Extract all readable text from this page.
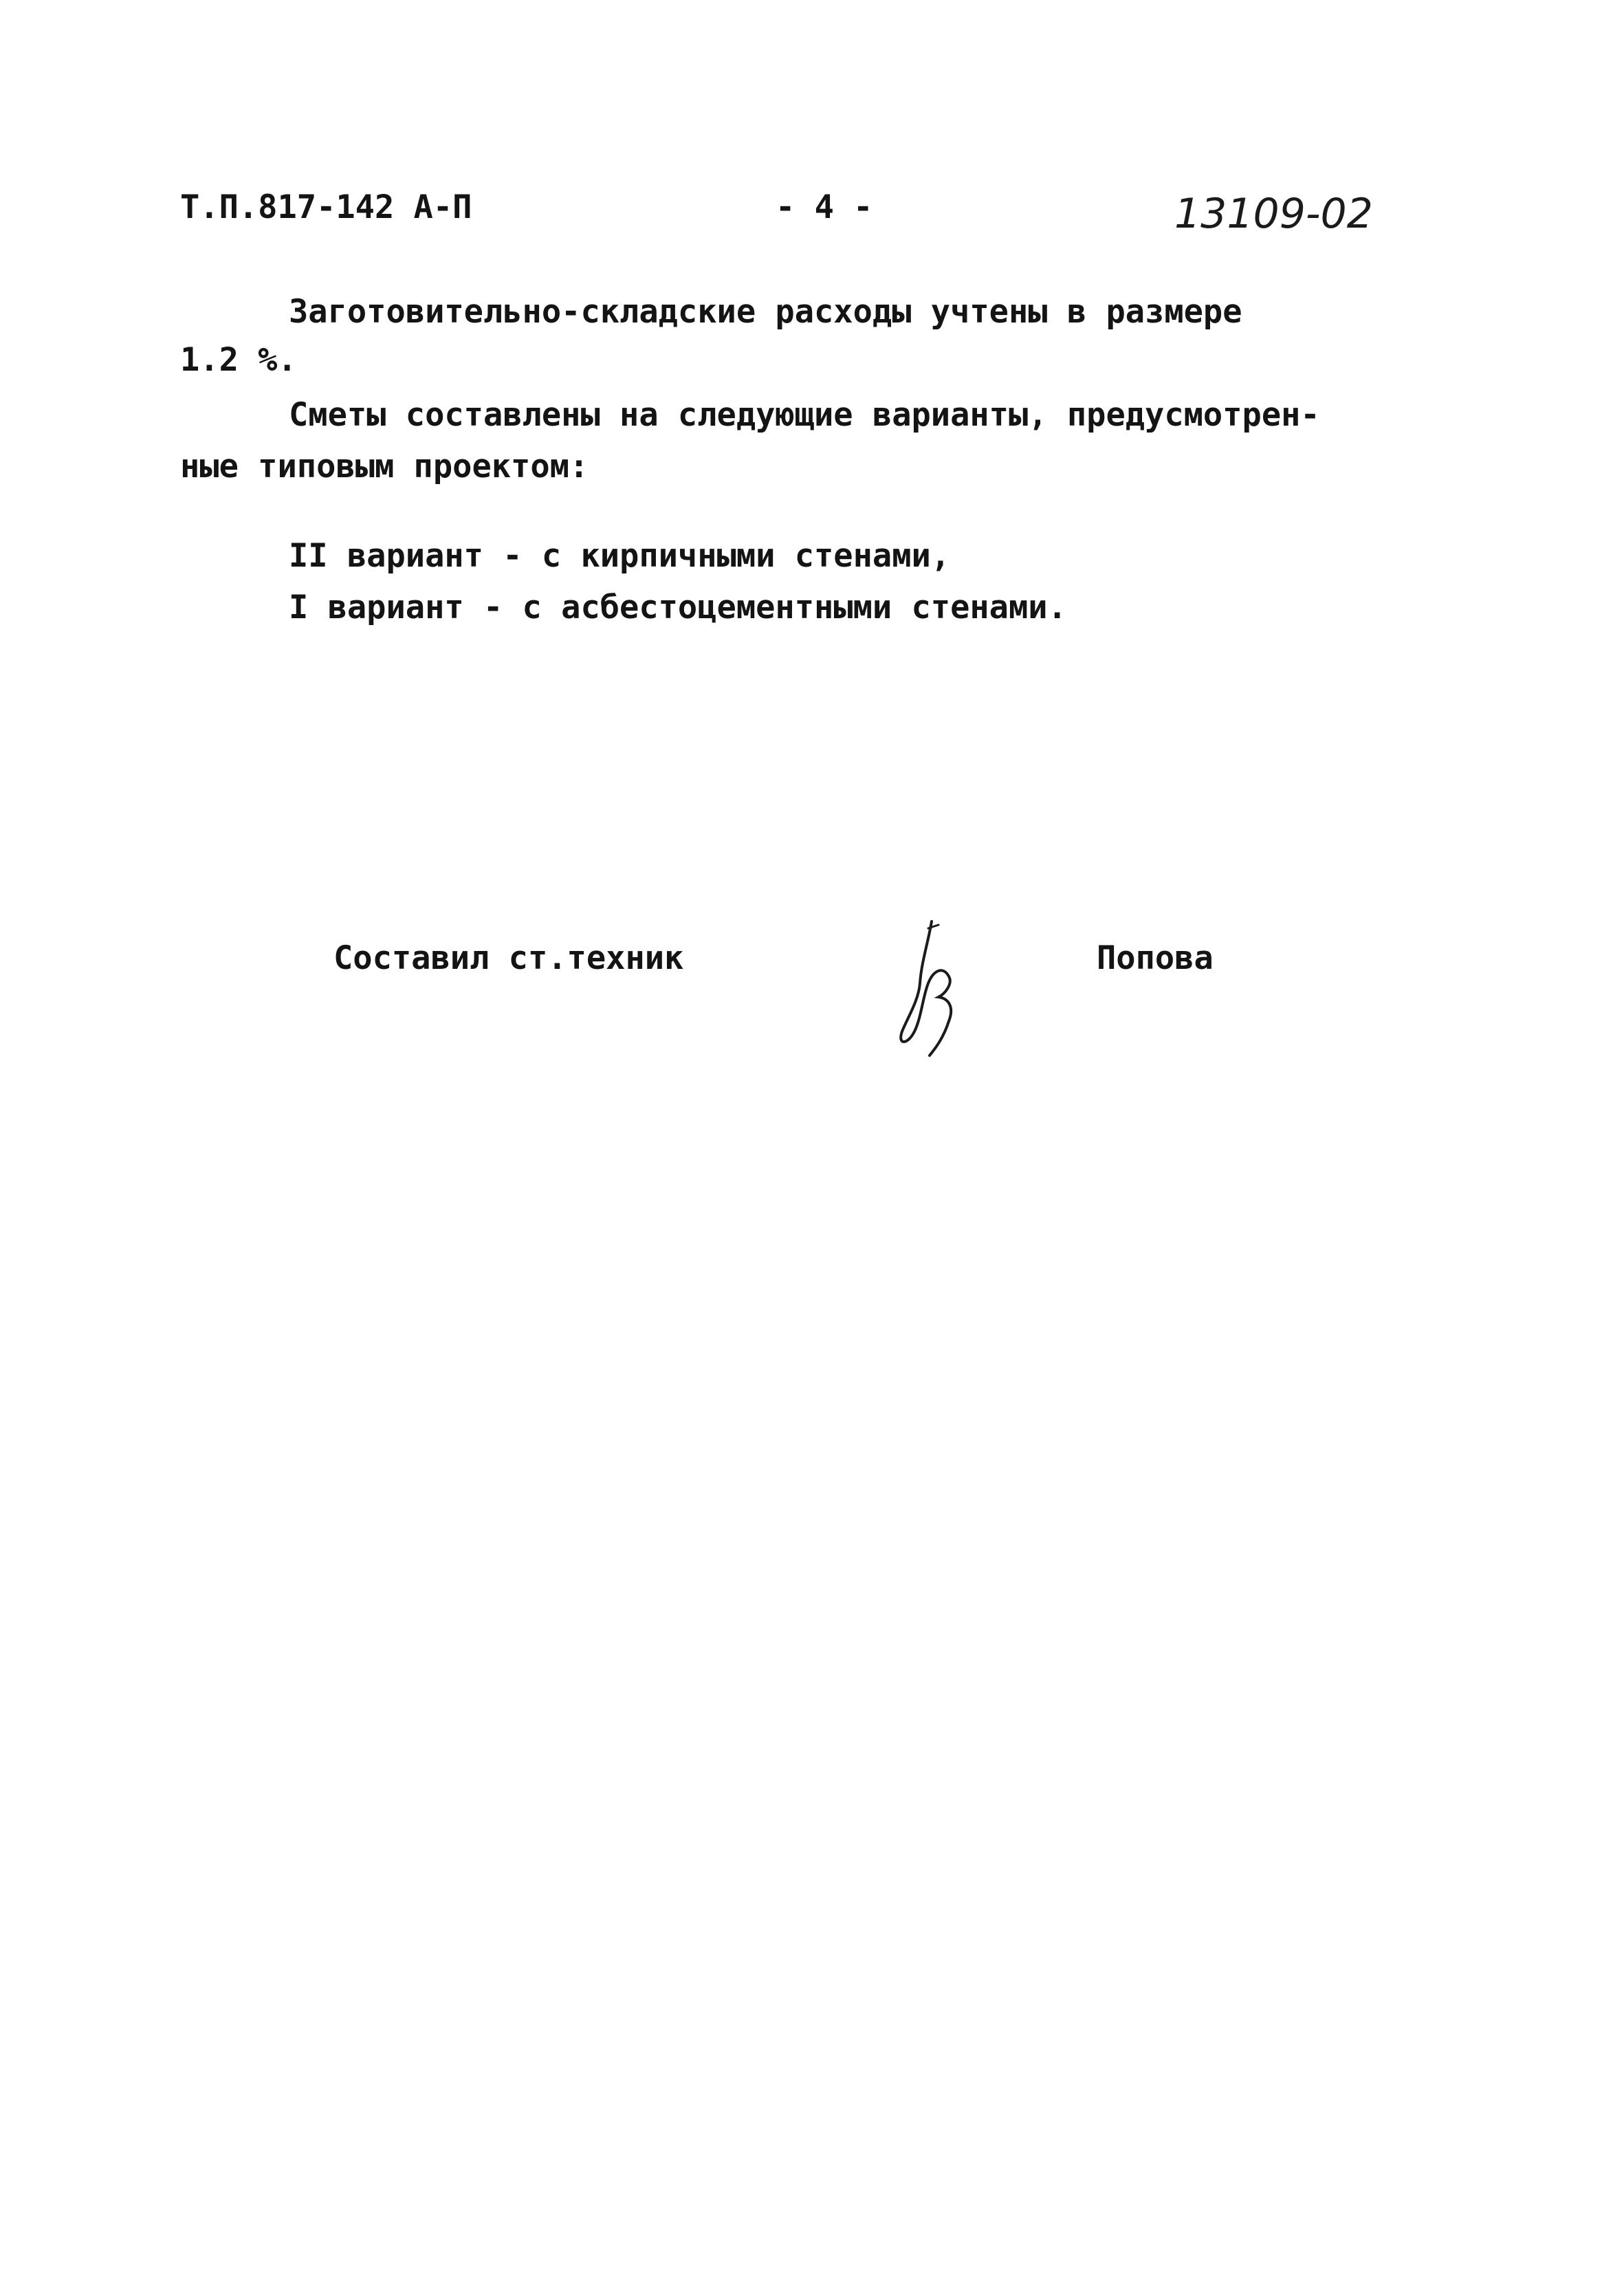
Т.П.817-142 А-П	- 4 -	13109-02
Заготовительно-складские расходы учтены в размере
1.2 %.
Сметы составлены на следующие варианты, предусмотрен-
ные типовым проектом:
II вариант - с кирпичными стенами,
I вариант - с асбестоцементными стенами.
Составил ст.техник	Попова
